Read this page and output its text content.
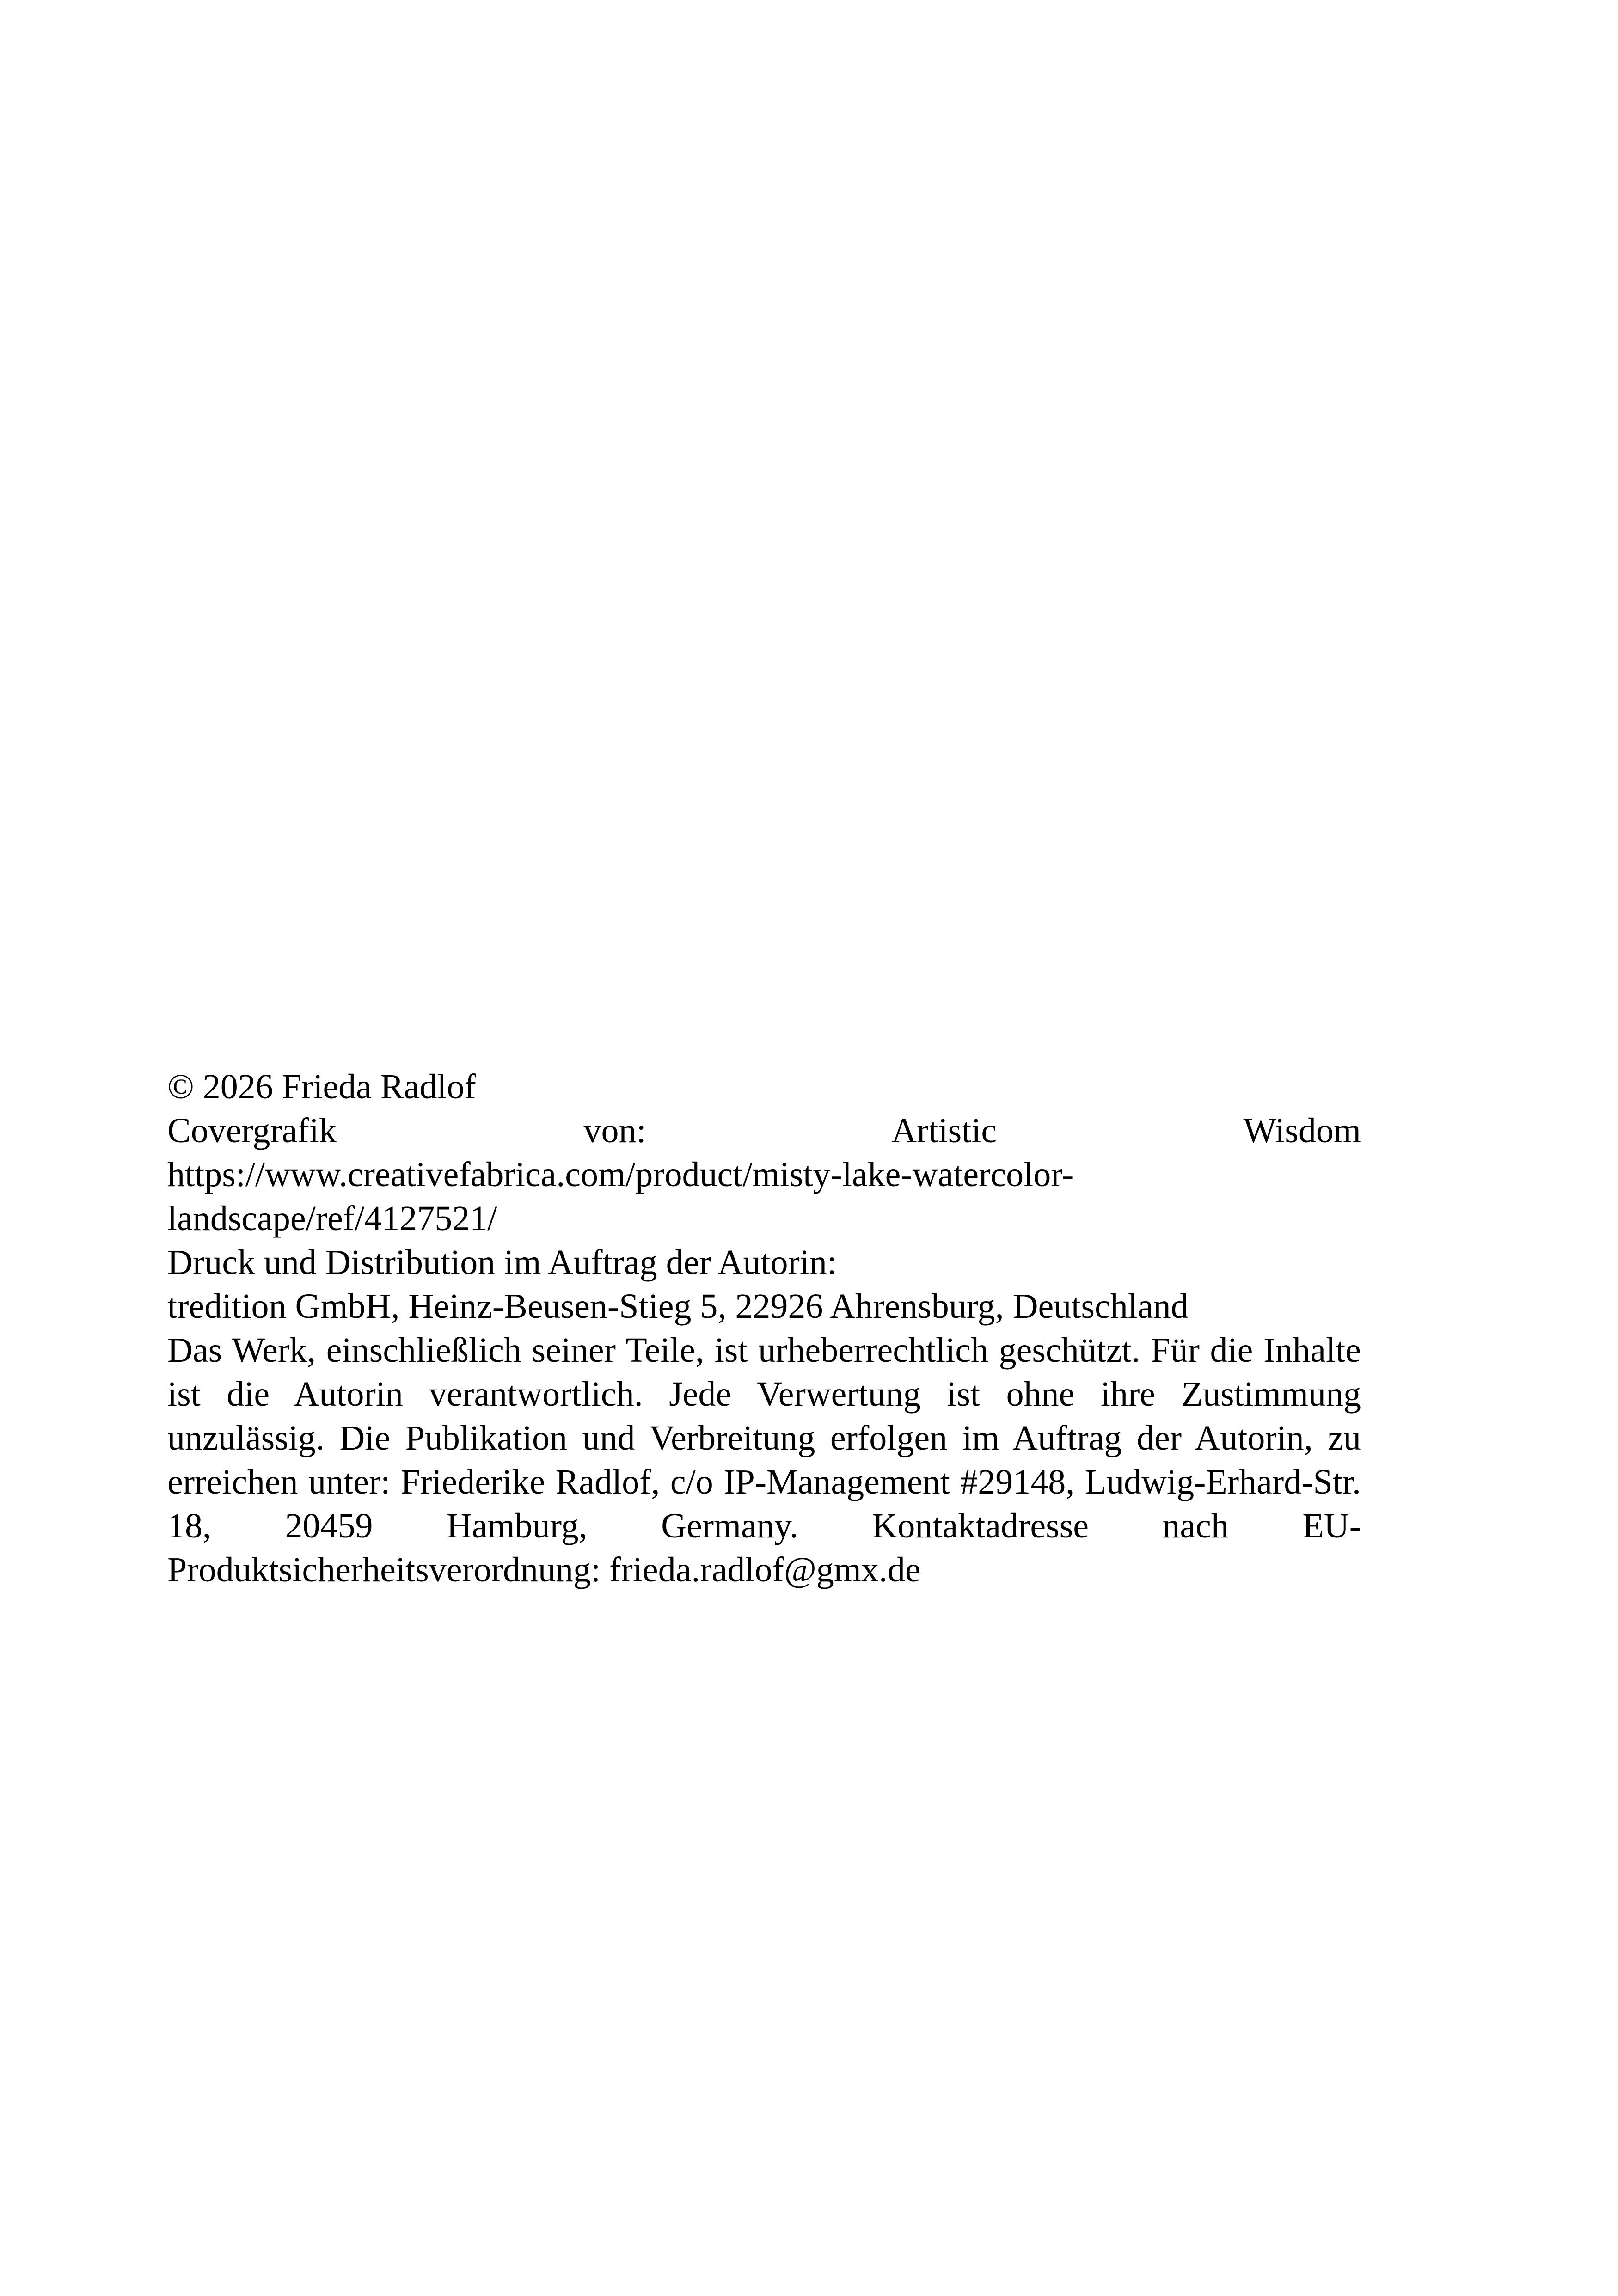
© 2026 Frieda Radlof
Covergrafik von: Artistic Wisdom
https://www.creativefabrica.com/product/misty-lake-watercolor-
landscape/ref/4127521/
Druck und Distribution im Auftrag der Autorin:
tredition GmbH, Heinz-Beusen-Stieg 5, 22926 Ahrensburg, Deutschland
Das Werk, einschließlich seiner Teile, ist urheberrechtlich geschützt. Für die Inhalte ist die Autorin verantwortlich. Jede Verwertung ist ohne ihre Zustimmung unzulässig. Die Publikation und Verbreitung erfolgen im Auftrag der Autorin, zu erreichen unter: Friederike Radlof, c/o IP-Management #29148, Ludwig-Erhard-Str. 18, 20459 Hamburg, Germany. Kontaktadresse nach EU-Produktsicherheitsverordnung: frieda.radlof@gmx.de
